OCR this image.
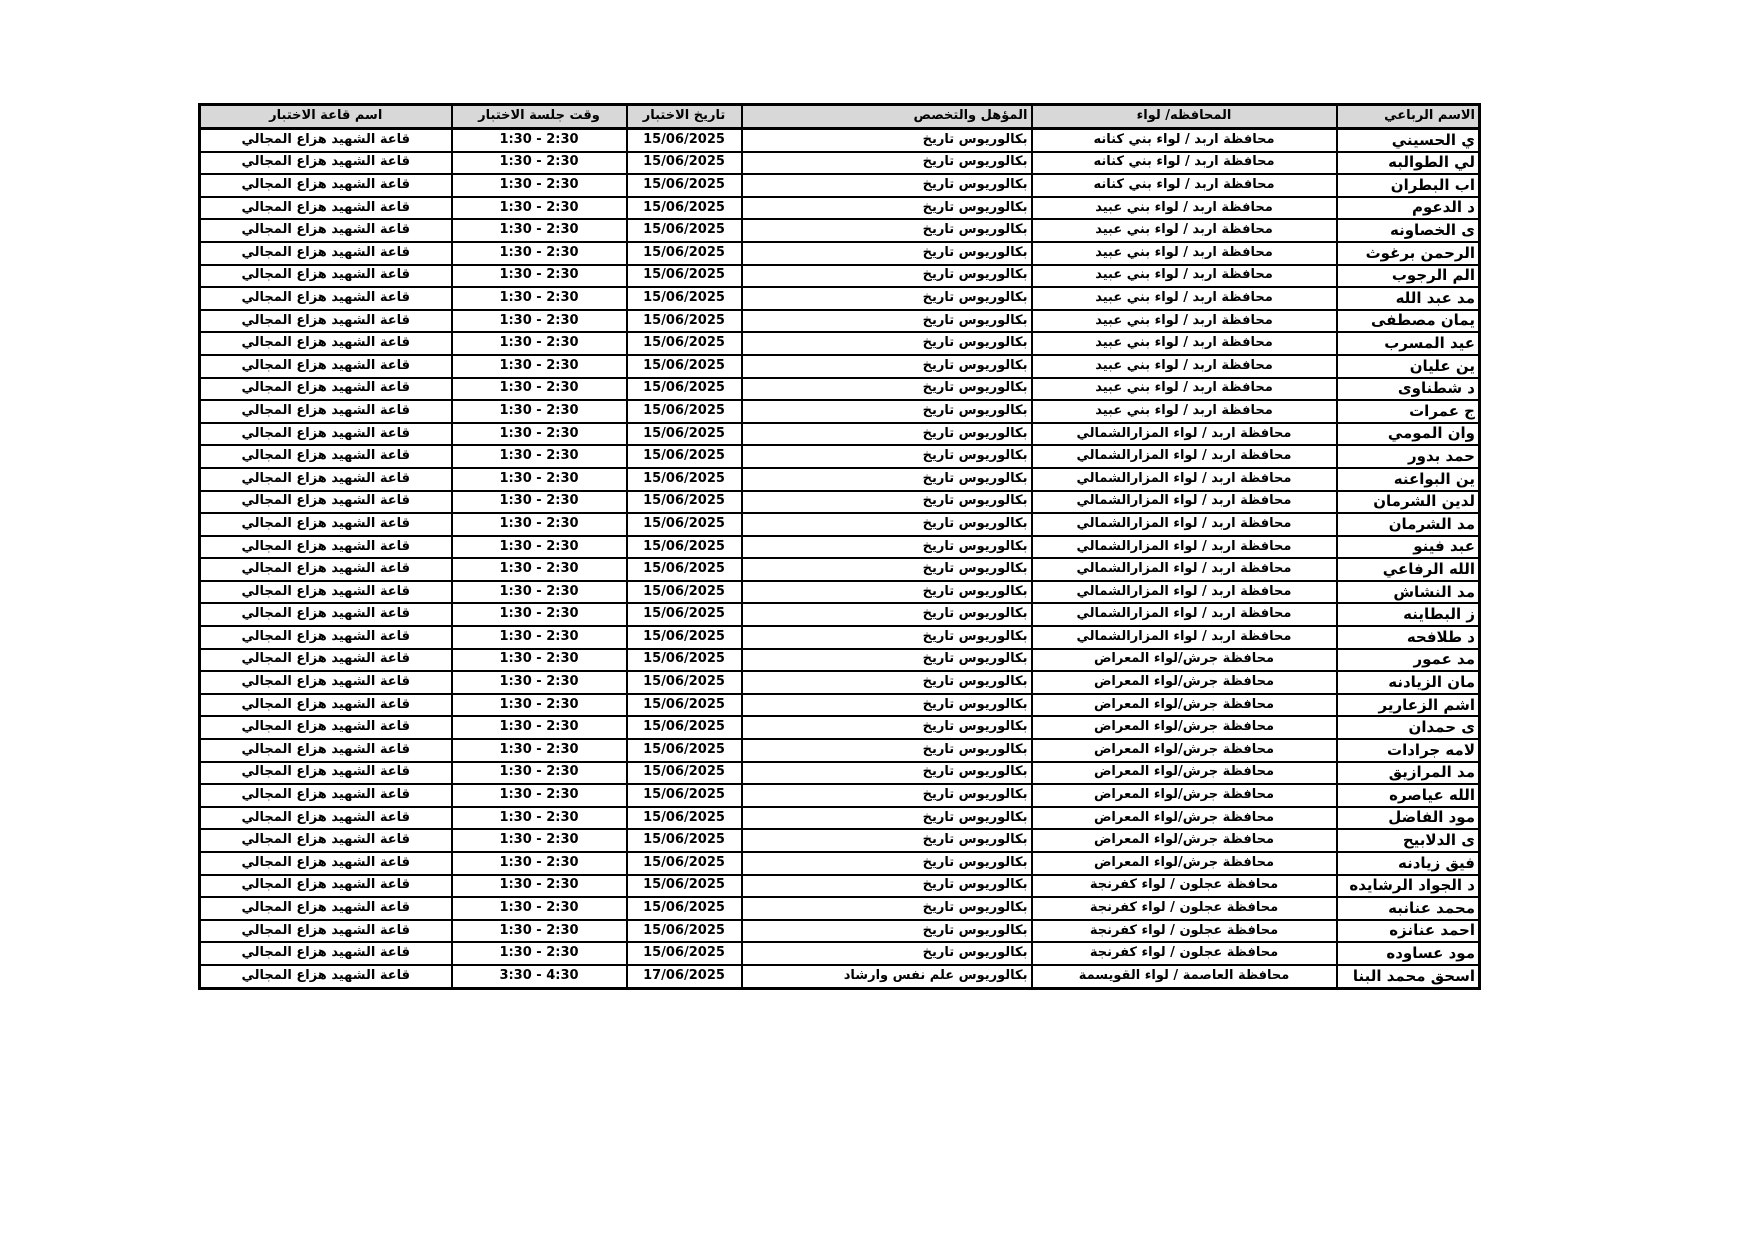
الاسم الرباعي	المحافظه/ لواء	المؤهل والتخصص	تاريخ الاختبار	وقت جلسة الاختبار	اسم قاعة الاختبار
ي الحسيني	محافظة اربد / لواء بني كنانه	بكالوريوس تاريخ	15/06/2025	1:30 - 2:30	قاعة الشهيد هزاع المجالي
لي الطوالبه	محافظة اربد / لواء بني كنانه	بكالوريوس تاريخ	15/06/2025	1:30 - 2:30	قاعة الشهيد هزاع المجالي
اب البطران	محافظة اربد / لواء بني كنانه	بكالوريوس تاريخ	15/06/2025	1:30 - 2:30	قاعة الشهيد هزاع المجالي
د الدعوم	محافظة اربد / لواء بني عبيد	بكالوريوس تاريخ	15/06/2025	1:30 - 2:30	قاعة الشهيد هزاع المجالي
ى الخصاونه	محافظة اربد / لواء بني عبيد	بكالوريوس تاريخ	15/06/2025	1:30 - 2:30	قاعة الشهيد هزاع المجالي
الرحمن برغوث	محافظة اربد / لواء بني عبيد	بكالوريوس تاريخ	15/06/2025	1:30 - 2:30	قاعة الشهيد هزاع المجالي
الم الرجوب	محافظة اربد / لواء بني عبيد	بكالوريوس تاريخ	15/06/2025	1:30 - 2:30	قاعة الشهيد هزاع المجالي
مد عبد الله	محافظة اربد / لواء بني عبيد	بكالوريوس تاريخ	15/06/2025	1:30 - 2:30	قاعة الشهيد هزاع المجالي
يمان مصطفى	محافظة اربد / لواء بني عبيد	بكالوريوس تاريخ	15/06/2025	1:30 - 2:30	قاعة الشهيد هزاع المجالي
عيد المسرب	محافظة اربد / لواء بني عبيد	بكالوريوس تاريخ	15/06/2025	1:30 - 2:30	قاعة الشهيد هزاع المجالي
ين عليان	محافظة اربد / لواء بني عبيد	بكالوريوس تاريخ	15/06/2025	1:30 - 2:30	قاعة الشهيد هزاع المجالي
د شطناوى	محافظة اربد / لواء بني عبيد	بكالوريوس تاريخ	15/06/2025	1:30 - 2:30	قاعة الشهيد هزاع المجالي
ج عمرات	محافظة اربد / لواء بني عبيد	بكالوريوس تاريخ	15/06/2025	1:30 - 2:30	قاعة الشهيد هزاع المجالي
وان المومي	محافظة اربد / لواء المزارالشمالي	بكالوريوس تاريخ	15/06/2025	1:30 - 2:30	قاعة الشهيد هزاع المجالي
حمد بدور	محافظة اربد / لواء المزارالشمالي	بكالوريوس تاريخ	15/06/2025	1:30 - 2:30	قاعة الشهيد هزاع المجالي
ين البواعنه	محافظة اربد / لواء المزارالشمالي	بكالوريوس تاريخ	15/06/2025	1:30 - 2:30	قاعة الشهيد هزاع المجالي
لدين الشرمان	محافظة اربد / لواء المزارالشمالي	بكالوريوس تاريخ	15/06/2025	1:30 - 2:30	قاعة الشهيد هزاع المجالي
مد الشرمان	محافظة اربد / لواء المزارالشمالي	بكالوريوس تاريخ	15/06/2025	1:30 - 2:30	قاعة الشهيد هزاع المجالي
عبد فينو	محافظة اربد / لواء المزارالشمالي	بكالوريوس تاريخ	15/06/2025	1:30 - 2:30	قاعة الشهيد هزاع المجالي
الله الرفاعي	محافظة اربد / لواء المزارالشمالي	بكالوريوس تاريخ	15/06/2025	1:30 - 2:30	قاعة الشهيد هزاع المجالي
مد النشاش	محافظة اربد / لواء المزارالشمالي	بكالوريوس تاريخ	15/06/2025	1:30 - 2:30	قاعة الشهيد هزاع المجالي
ز البطاينه	محافظة اربد / لواء المزارالشمالي	بكالوريوس تاريخ	15/06/2025	1:30 - 2:30	قاعة الشهيد هزاع المجالي
د طلافحه	محافظة اربد / لواء المزارالشمالي	بكالوريوس تاريخ	15/06/2025	1:30 - 2:30	قاعة الشهيد هزاع المجالي
مد عمور	محافظة جرش/لواء المعراض	بكالوريوس تاريخ	15/06/2025	1:30 - 2:30	قاعة الشهيد هزاع المجالي
مان الزيادنه	محافظة جرش/لواء المعراض	بكالوريوس تاريخ	15/06/2025	1:30 - 2:30	قاعة الشهيد هزاع المجالي
اشم الزعارير	محافظة جرش/لواء المعراض	بكالوريوس تاريخ	15/06/2025	1:30 - 2:30	قاعة الشهيد هزاع المجالي
ى حمدان	محافظة جرش/لواء المعراض	بكالوريوس تاريخ	15/06/2025	1:30 - 2:30	قاعة الشهيد هزاع المجالي
لامه جرادات	محافظة جرش/لواء المعراض	بكالوريوس تاريخ	15/06/2025	1:30 - 2:30	قاعة الشهيد هزاع المجالي
مد المرازيق	محافظة جرش/لواء المعراض	بكالوريوس تاريخ	15/06/2025	1:30 - 2:30	قاعة الشهيد هزاع المجالي
الله عياصره	محافظة جرش/لواء المعراض	بكالوريوس تاريخ	15/06/2025	1:30 - 2:30	قاعة الشهيد هزاع المجالي
مود الفاضل	محافظة جرش/لواء المعراض	بكالوريوس تاريخ	15/06/2025	1:30 - 2:30	قاعة الشهيد هزاع المجالي
ى الدلابيح	محافظة جرش/لواء المعراض	بكالوريوس تاريخ	15/06/2025	1:30 - 2:30	قاعة الشهيد هزاع المجالي
فيق زيادنه	محافظة جرش/لواء المعراض	بكالوريوس تاريخ	15/06/2025	1:30 - 2:30	قاعة الشهيد هزاع المجالي
د الجواد الرشايده	محافظة عجلون / لواء كفرنجة	بكالوريوس تاريخ	15/06/2025	1:30 - 2:30	قاعة الشهيد هزاع المجالي
محمد عنانبه	محافظة عجلون / لواء كفرنجة	بكالوريوس تاريخ	15/06/2025	1:30 - 2:30	قاعة الشهيد هزاع المجالي
احمد عنانزه	محافظة عجلون / لواء كفرنجة	بكالوريوس تاريخ	15/06/2025	1:30 - 2:30	قاعة الشهيد هزاع المجالي
مود عساوده	محافظة عجلون / لواء كفرنجة	بكالوريوس تاريخ	15/06/2025	1:30 - 2:30	قاعة الشهيد هزاع المجالي
اسحق محمد البنا	محافظة العاصمة / لواء القويسمة	بكالوريوس علم نفس وارشاد	17/06/2025	3:30 - 4:30	قاعة الشهيد هزاع المجالي
